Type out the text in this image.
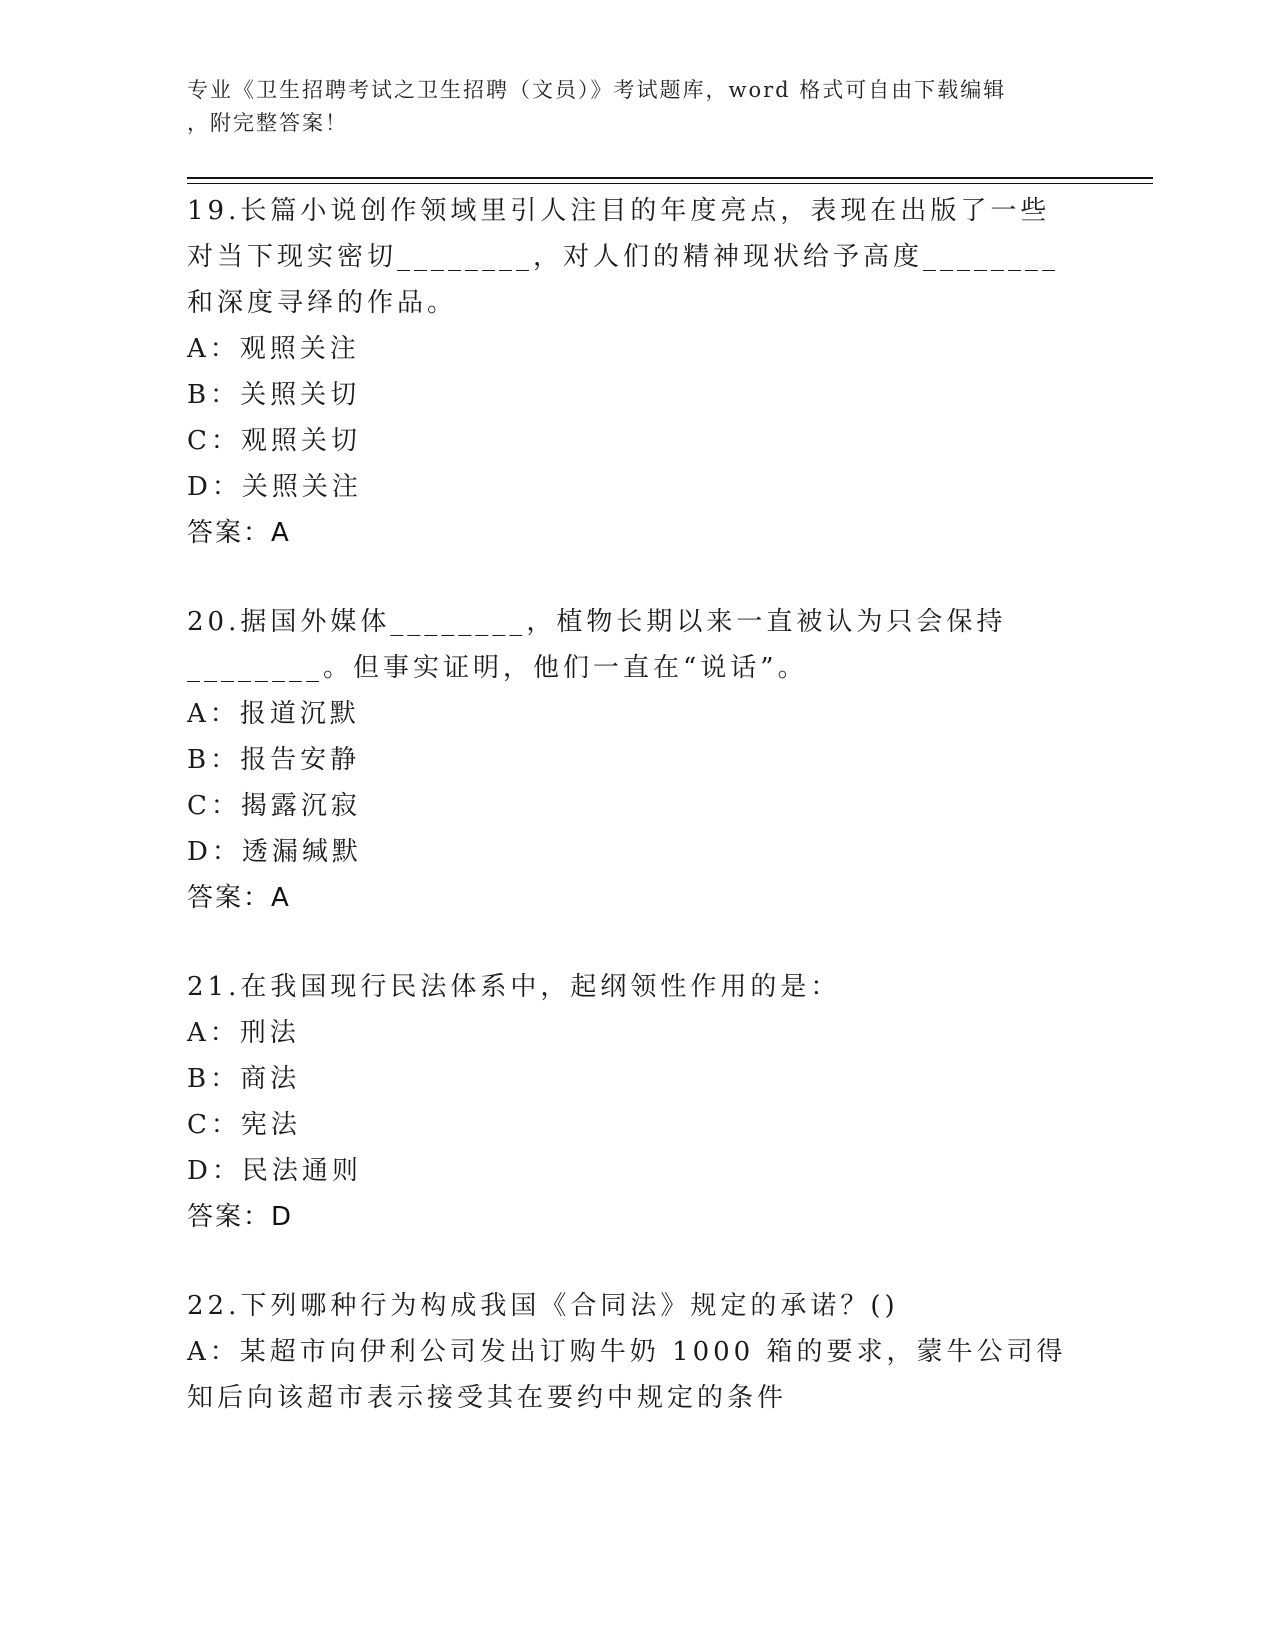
专业《卫生招聘考试之卫生招聘（文员）》考试题库，word 格式可自由下载编辑
，附完整答案！
19.长篇小说创作领域里引人注目的年度亮点，表现在出版了一些对当下现实密切________，对人们的精神现状给予高度________和深度寻绎的作品。
A：观照关注
B：关照关切
C：观照关切
D：关照关注
答案：A
20.据国外媒体________，植物长期以来一直被认为只会保持________。但事实证明，他们一直在“说话”。
A：报道沉默
B：报告安静
C：揭露沉寂
D：透漏缄默
答案：A
21.在我国现行民法体系中，起纲领性作用的是：
A：刑法
B：商法
C：宪法
D：民法通则
答案：D
22.下列哪种行为构成我国《合同法》规定的承诺？()
A：某超市向伊利公司发出订购牛奶 1000 箱的要求，蒙牛公司得知后向该超市表示接受其在要约中规定的条件
